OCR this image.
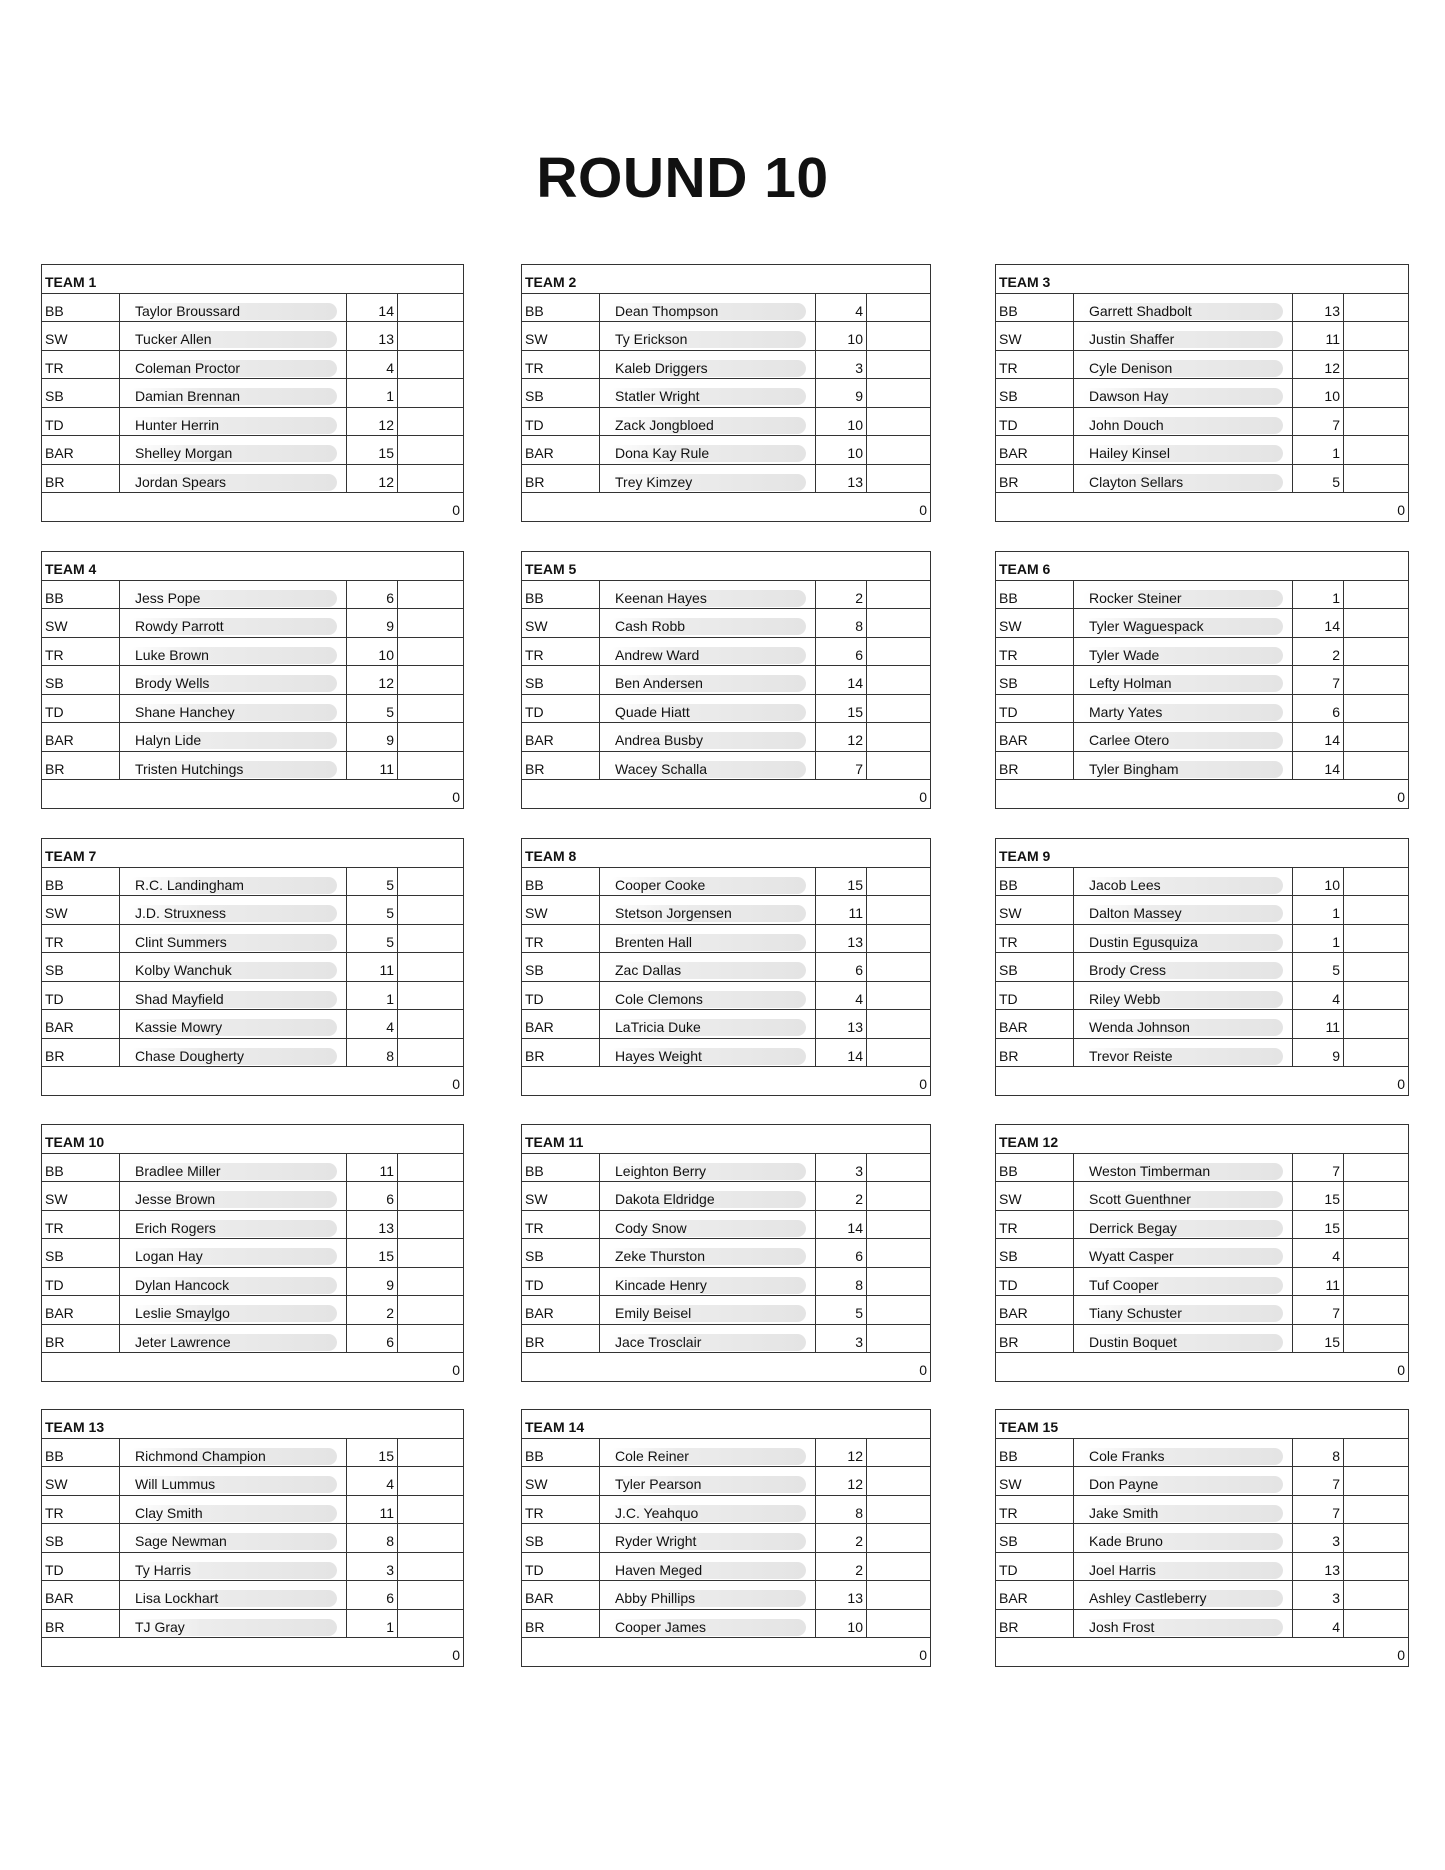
ROUND 10
TEAM 1
BB	Taylor Broussard	14
SW	Tucker Allen	13
TR	Coleman Proctor	4
SB	Damian Brennan	1
TD	Hunter Herrin	12
BAR	Shelley Morgan	15
BR	Jordan Spears	12
0
TEAM 2
BB	Dean Thompson	4
SW	Ty Erickson	10
TR	Kaleb Driggers	3
SB	Statler Wright	9
TD	Zack Jongbloed	10
BAR	Dona Kay Rule	10
BR	Trey Kimzey	13
0
TEAM 3
BB	Garrett Shadbolt	13
SW	Justin Shaffer	11
TR	Cyle Denison	12
SB	Dawson Hay	10
TD	John Douch	7
BAR	Hailey Kinsel	1
BR	Clayton Sellars	5
0
TEAM 4
BB	Jess Pope	6
SW	Rowdy Parrott	9
TR	Luke Brown	10
SB	Brody Wells	12
TD	Shane Hanchey	5
BAR	Halyn Lide	9
BR	Tristen Hutchings	11
0
TEAM 5
BB	Keenan Hayes	2
SW	Cash Robb	8
TR	Andrew Ward	6
SB	Ben Andersen	14
TD	Quade Hiatt	15
BAR	Andrea Busby	12
BR	Wacey Schalla	7
0
TEAM 6
BB	Rocker Steiner	1
SW	Tyler Waguespack	14
TR	Tyler Wade	2
SB	Lefty Holman	7
TD	Marty Yates	6
BAR	Carlee Otero	14
BR	Tyler Bingham	14
0
TEAM 7
BB	R.C. Landingham	5
SW	J.D. Struxness	5
TR	Clint Summers	5
SB	Kolby Wanchuk	11
TD	Shad Mayfield	1
BAR	Kassie Mowry	4
BR	Chase Dougherty	8
0
TEAM 8
BB	Cooper Cooke	15
SW	Stetson Jorgensen	11
TR	Brenten Hall	13
SB	Zac Dallas	6
TD	Cole Clemons	4
BAR	LaTricia Duke	13
BR	Hayes Weight	14
0
TEAM 9
BB	Jacob Lees	10
SW	Dalton Massey	1
TR	Dustin Egusquiza	1
SB	Brody Cress	5
TD	Riley Webb	4
BAR	Wenda Johnson	11
BR	Trevor Reiste	9
0
TEAM 10
BB	Bradlee Miller	11
SW	Jesse Brown	6
TR	Erich Rogers	13
SB	Logan Hay	15
TD	Dylan Hancock	9
BAR	Leslie Smaylgo	2
BR	Jeter Lawrence	6
0
TEAM 11
BB	Leighton Berry	3
SW	Dakota Eldridge	2
TR	Cody Snow	14
SB	Zeke Thurston	6
TD	Kincade Henry	8
BAR	Emily Beisel	5
BR	Jace Trosclair	3
0
TEAM 12
BB	Weston Timberman	7
SW	Scott Guenthner	15
TR	Derrick Begay	15
SB	Wyatt Casper	4
TD	Tuf Cooper	11
BAR	Tiany Schuster	7
BR	Dustin Boquet	15
0
TEAM 13
BB	Richmond Champion	15
SW	Will Lummus	4
TR	Clay Smith	11
SB	Sage Newman	8
TD	Ty Harris	3
BAR	Lisa Lockhart	6
BR	TJ Gray	1
0
TEAM 14
BB	Cole Reiner	12
SW	Tyler Pearson	12
TR	J.C. Yeahquo	8
SB	Ryder Wright	2
TD	Haven Meged	2
BAR	Abby Phillips	13
BR	Cooper James	10
0
TEAM 15
BB	Cole Franks	8
SW	Don Payne	7
TR	Jake Smith	7
SB	Kade Bruno	3
TD	Joel Harris	13
BAR	Ashley Castleberry	3
BR	Josh Frost	4
0
